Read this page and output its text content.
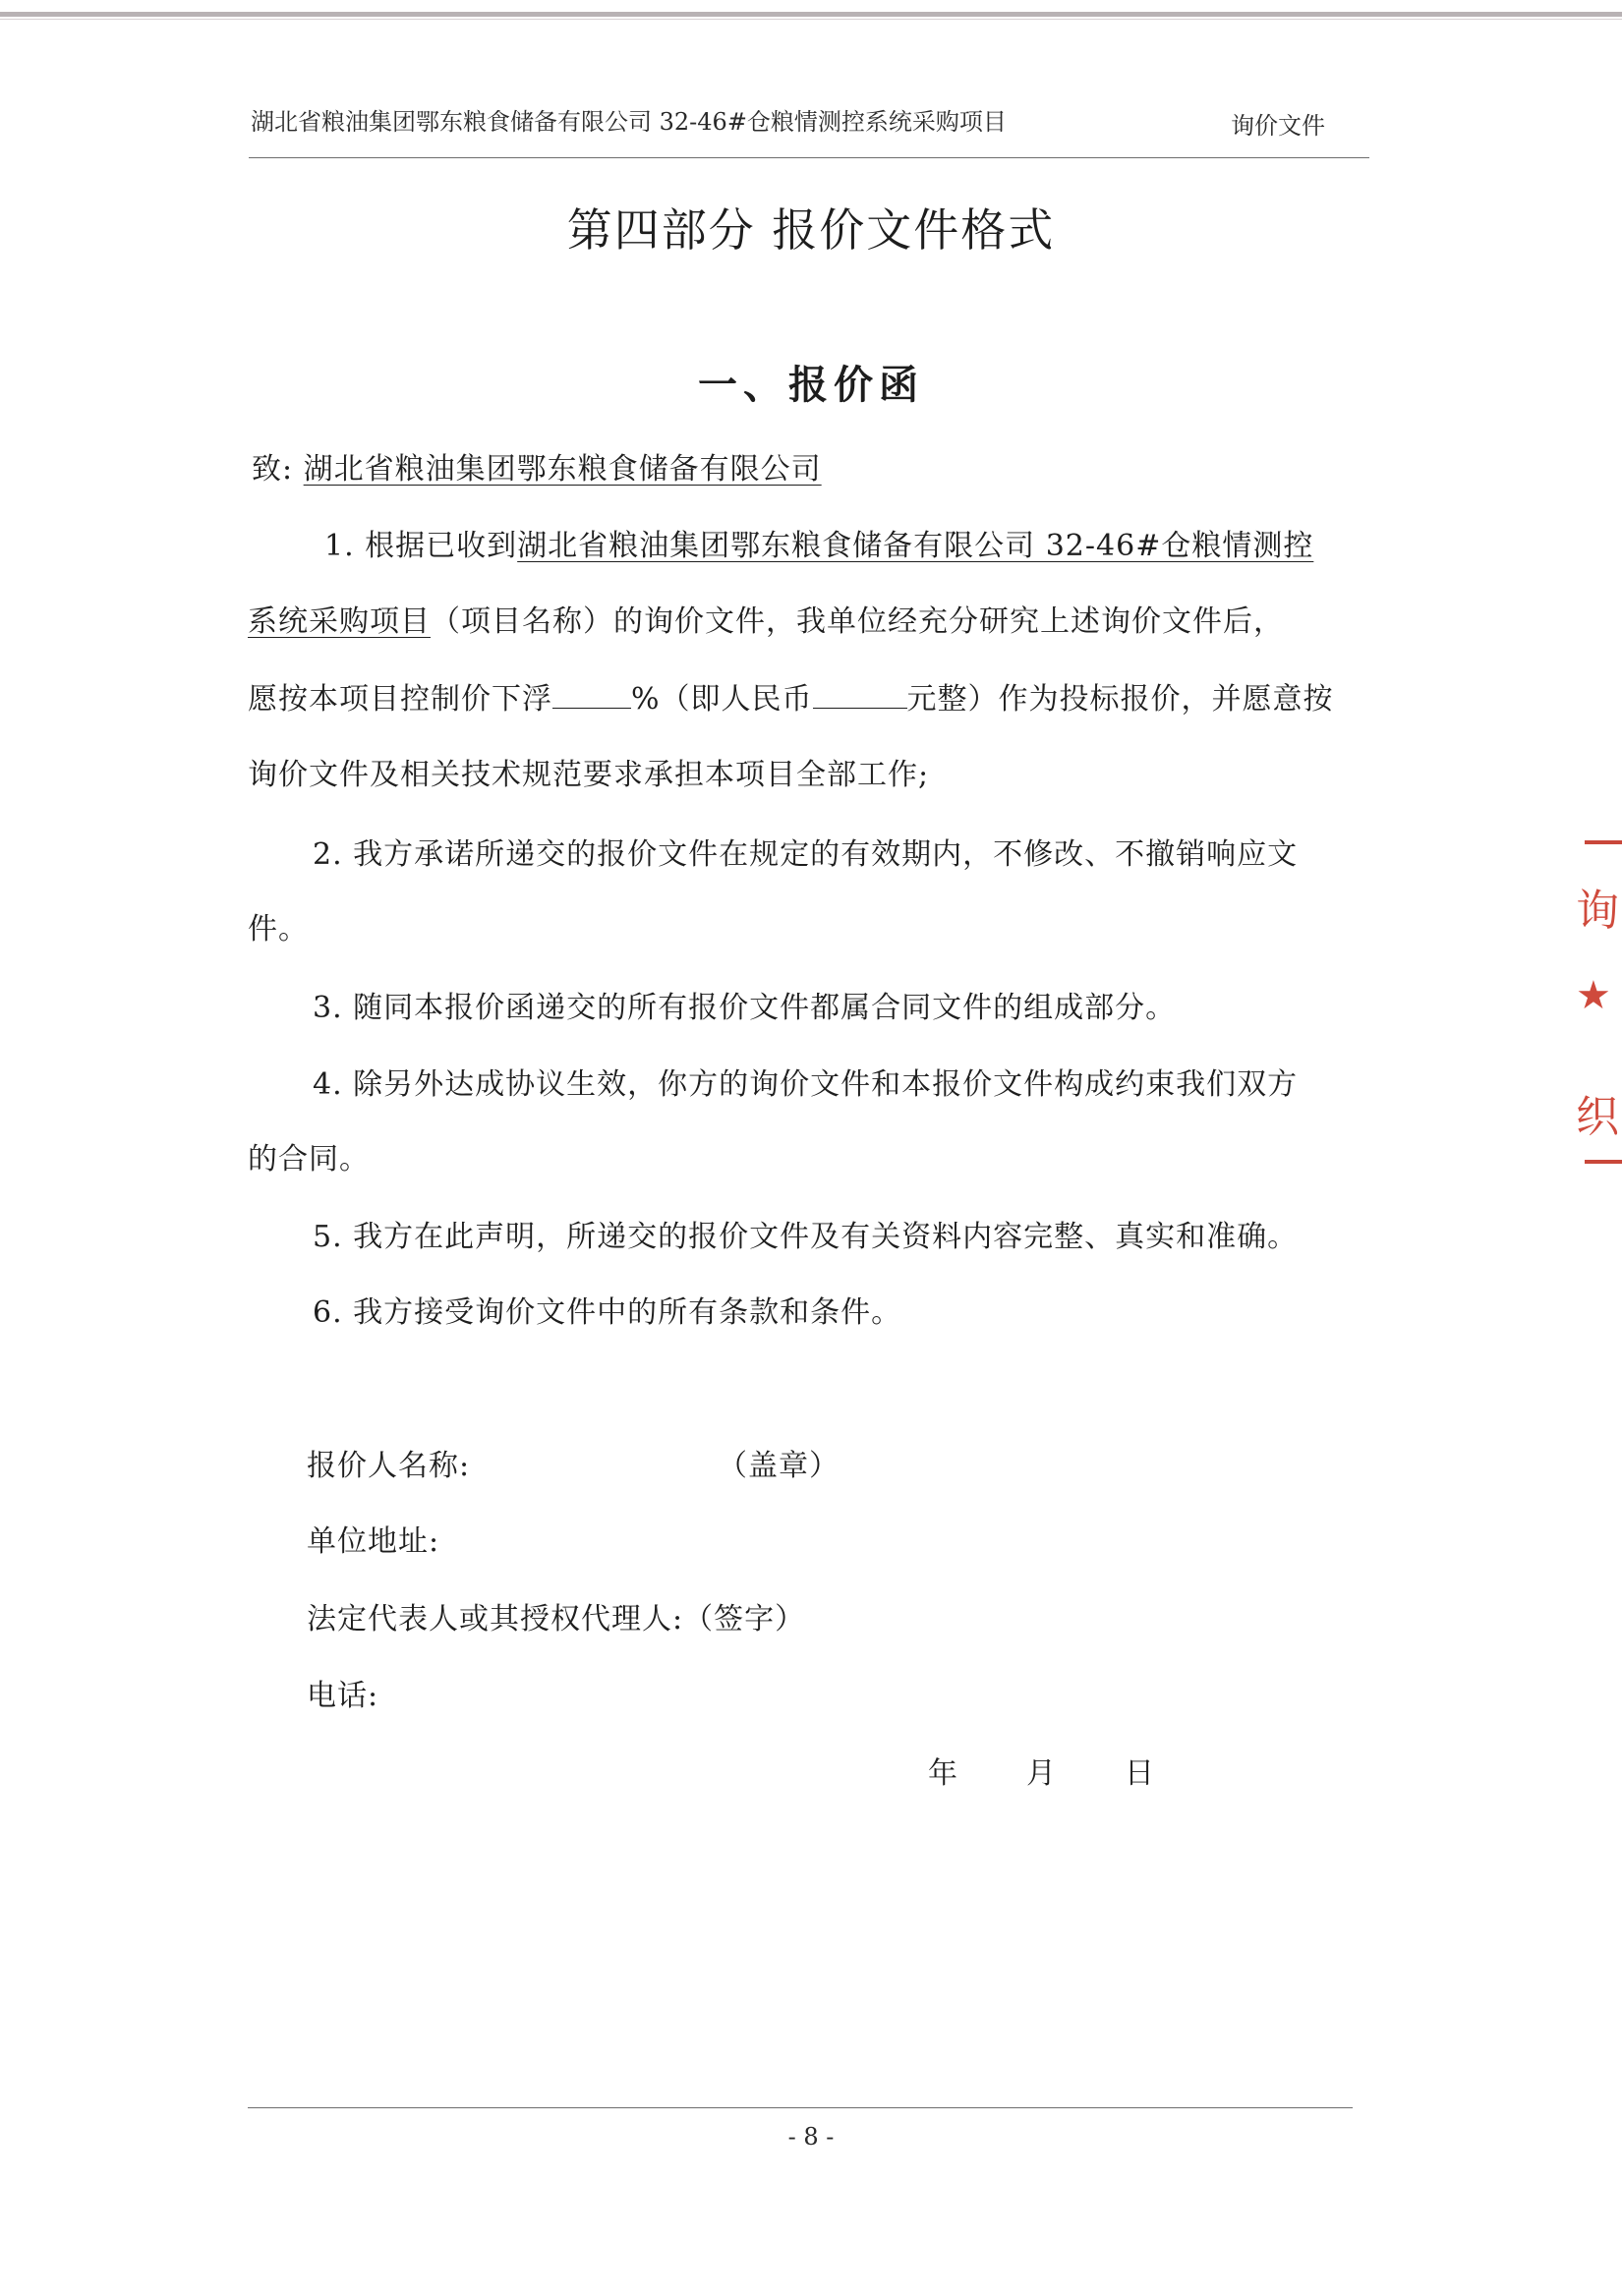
湖北省粮油集团鄂东粮食储备有限公司 32-46#仓粮情测控系统采购项目	询价文件
第四部分 报价文件格式
一、报价函
致: 湖北省粮油集团鄂东粮食储备有限公司
1. 根据已收到湖北省粮油集团鄂东粮食储备有限公司 32-46#仓粮情测控
系统采购项目（项目名称）的询价文件，我单位经充分研究上述询价文件后，
愿按本项目控制价下浮	%（即人民币	元整）作为投标报价，并愿意按
询价文件及相关技术规范要求承担本项目全部工作;
2. 我方承诺所递交的报价文件在规定的有效期内，不修改、不撤销响应文
件。
3. 随同本报价函递交的所有报价文件都属合同文件的组成部分。
4. 除另外达成协议生效，你方的询价文件和本报价文件构成约束我们双方
的合同。
5. 我方在此声明，所递交的报价文件及有关资料内容完整、真实和准确。
6. 我方接受询价文件中的所有条款和条件。
报价人名称:	（盖章）
单位地址:
法定代表人或其授权代理人:（签字）
电话:
年 月 日
- 8 -
询
★
织
